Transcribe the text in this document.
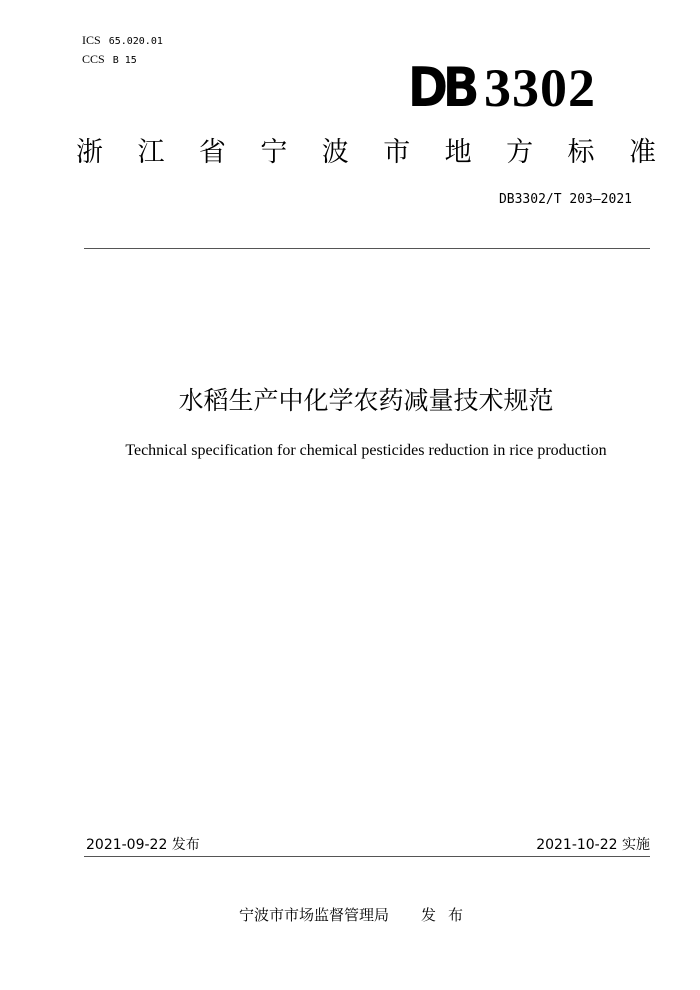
ICS 65.020.01
CCS B 15	DB 3302
浙 江 省 宁 波 市 地 方 标 准
DB3302/T 203—2021
水稻生产中化学农药减量技术规范
Technical specification for chemical pesticides reduction in rice production
2021-09-22 发布	2021-10-22 实施
宁波市市场监督管理局 发布
